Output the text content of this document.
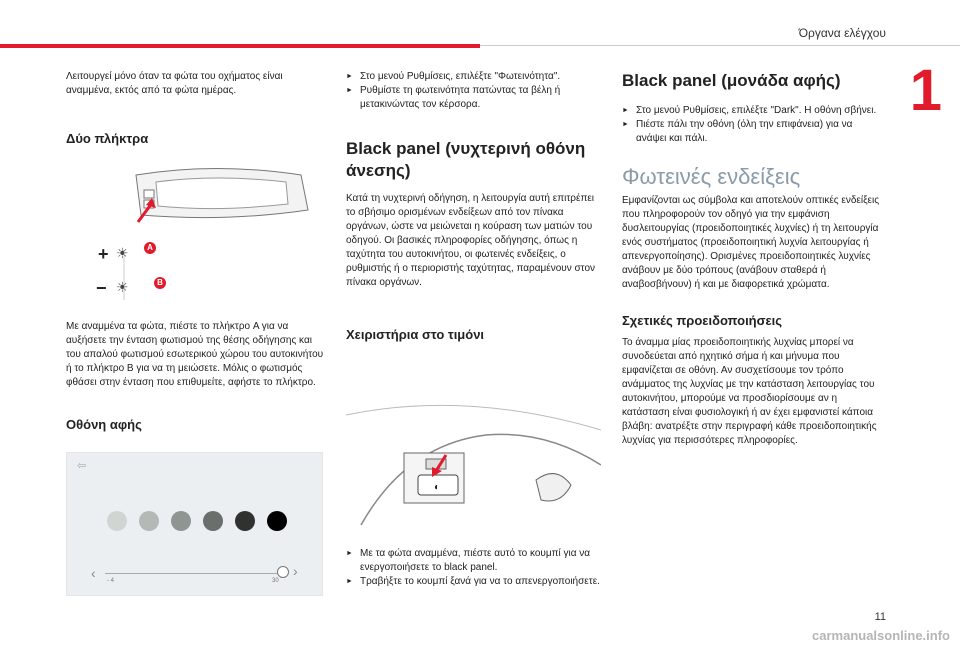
Όργανα ελέγχου
1

Λειτουργεί μόνο όταν τα φώτα του οχήματος είναι αναμμένα, εκτός από τα φώτα ημέρας.

Δύο πλήκτρα

+ ☀
− ☀
A
B

Με αναμμένα τα φώτα, πιέστε το πλήκτρο A για να αυξήσετε την ένταση φωτισμού της θέσης οδήγησης και του απαλού φωτισμού εσωτερικού χώρου του αυτοκινήτου ή το πλήκτρο B για να τη μειώσετε. Μόλις ο φωτισμός φθάσει στην ένταση που επιθυμείτε, αφήστε το πλήκτρο.

Οθόνη αφής

⇦
‹	›
- 4	30
► Στο μενού Ρυθμίσεις, επιλέξτε "Φωτεινότητα".
► Ρυθμίστε τη φωτεινότητα πατώντας τα βέλη ή μετακινώντας τον κέρσορα.

Black panel (νυχτερινή οθόνη άνεσης)

Κατά τη νυχτερινή οδήγηση, η λειτουργία αυτή επιτρέπει το σβήσιμο ορισμένων ενδείξεων από τον πίνακα οργάνων, ώστε να μειώνεται η κούραση των ματιών του οδηγού. Οι βασικές πληροφορίες οδήγησης, όπως η ταχύτητα του αυτοκινήτου, οι φωτεινές ενδείξεις, ο ρυθμιστής ή ο περιοριστής ταχύτητας, παραμένουν στον πίνακα οργάνων.

Χειριστήρια στο τιμόνι

◐
► Με τα φώτα αναμμένα, πιέστε αυτό το κουμπί για να ενεργοποιήσετε το black panel.
► Τραβήξτε το κουμπί ξανά για να το απενεργοποιήσετε.

Black panel (μονάδα αφής)

► Στο μενού Ρυθμίσεις, επιλέξτε "Dark". Η οθόνη σβήνει.
► Πιέστε πάλι την οθόνη (όλη την επιφάνεια) για να ανάψει και πάλι.

Φωτεινές ενδείξεις

Εμφανίζονται ως σύμβολα και αποτελούν οπτικές ενδείξεις που πληροφορούν τον οδηγό για την εμφάνιση δυσλειτουργίας (προειδοποιητικές λυχνίες) ή τη λειτουργία ενός συστήματος (προειδοποιητική λυχνία λειτουργίας ή απενεργοποίησης). Ορισμένες προειδοποιητικές λυχνίες ανάβουν με δύο τρόπους (ανάβουν σταθερά ή αναβοσβήνουν) ή και με διαφορετικά χρώματα.

Σχετικές προειδοποιήσεις

Το άναμμα μίας προειδοποιητικής λυχνίας μπορεί να συνοδεύεται από ηχητικό σήμα ή και μήνυμα που εμφανίζεται σε οθόνη. Αν συσχετίσουμε τον τρόπο ανάμματος της λυχνίας με την κατάσταση λειτουργίας του αυτοκινήτου, μπορούμε να προσδιορίσουμε αν η κατάσταση είναι φυσιολογική ή αν έχει εμφανιστεί κάποια βλάβη: ανατρέξτε στην περιγραφή κάθε προειδοποιητικής λυχνίας για περισσότερες πληροφορίες.

11
carmanualsonline.info
